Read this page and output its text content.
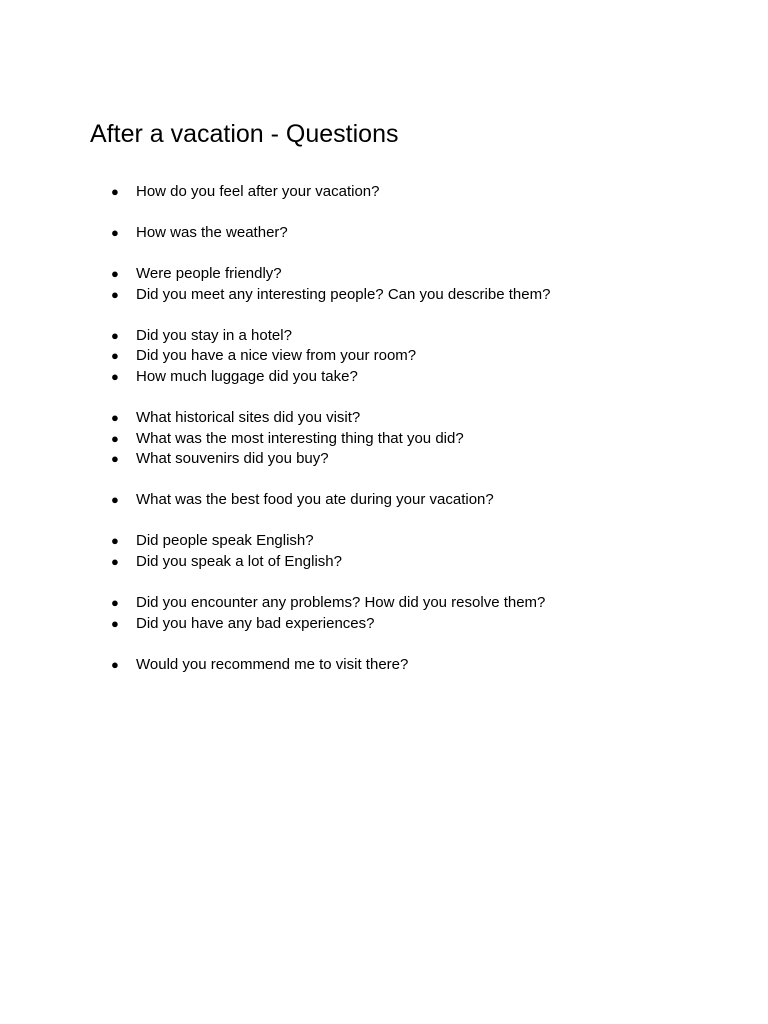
After a vacation - Questions
● How do you feel after your vacation?
● How was the weather?
● Were people friendly?
● Did you meet any interesting people? Can you describe them?
● Did you stay in a hotel?
● Did you have a nice view from your room?
● How much luggage did you take?
● What historical sites did you visit?
● What was the most interesting thing that you did?
● What souvenirs did you buy?
● What was the best food you ate during your vacation?
● Did people speak English?
● Did you speak a lot of English?
● Did you encounter any problems? How did you resolve them?
● Did you have any bad experiences?
● Would you recommend me to visit there?
